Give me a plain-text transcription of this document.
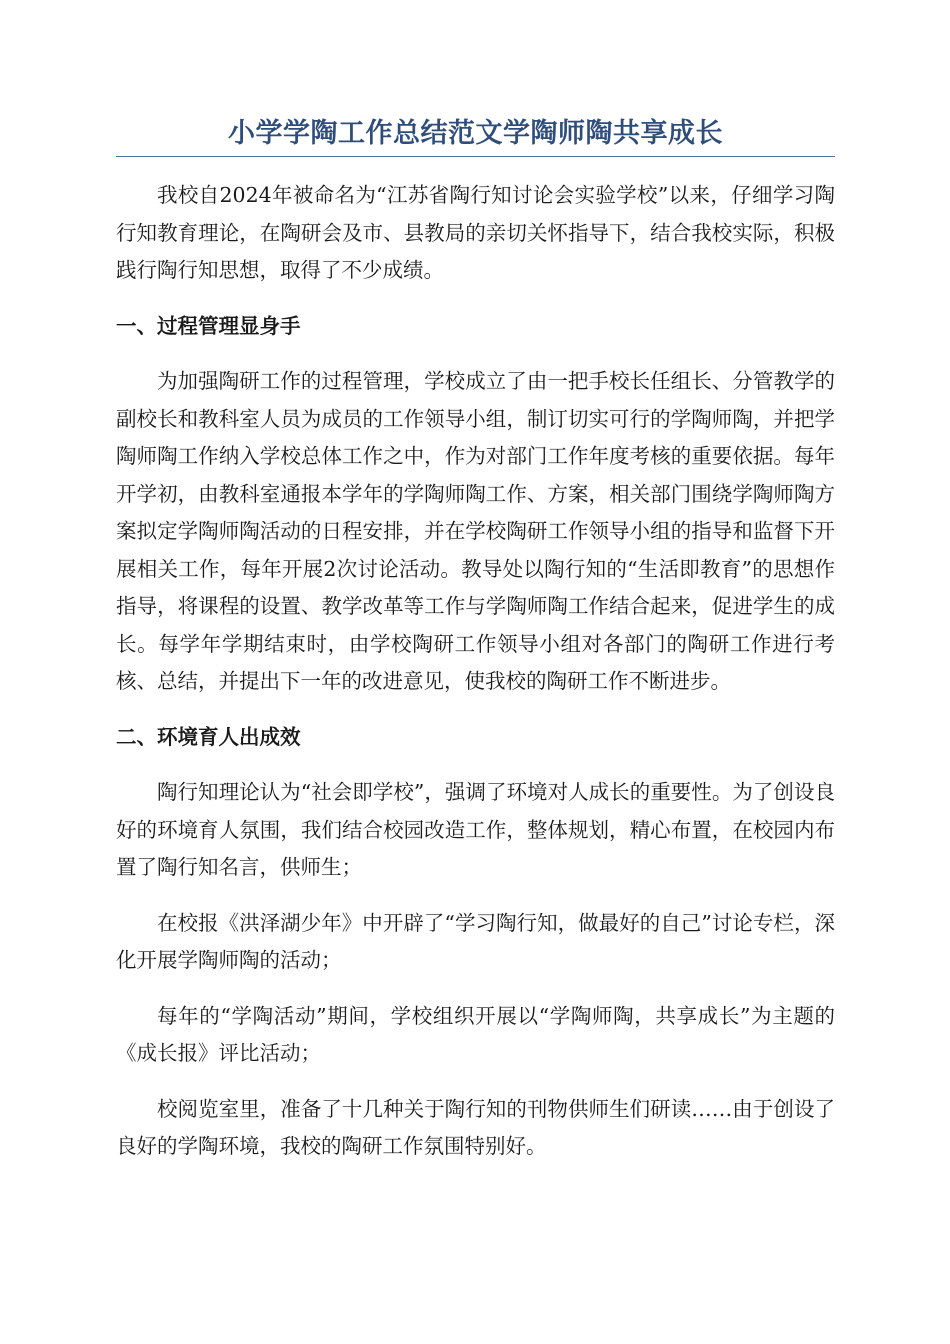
小学学陶工作总结范文学陶师陶共享成长

我校自2024年被命名为“江苏省陶行知讨论会实验学校”以来，仔细学习陶行知教育理论，在陶研会及市、县教局的亲切关怀指导下，结合我校实际，积极践行陶行知思想，取得了不少成绩。

一、过程管理显身手

为加强陶研工作的过程管理，学校成立了由一把手校长任组长、分管教学的副校长和教科室人员为成员的工作领导小组，制订切实可行的学陶师陶，并把学陶师陶工作纳入学校总体工作之中，作为对部门工作年度考核的重要依据。每年开学初，由教科室通报本学年的学陶师陶工作、方案，相关部门围绕学陶师陶方案拟定学陶师陶活动的日程安排，并在学校陶研工作领导小组的指导和监督下开展相关工作，每年开展2次讨论活动。教导处以陶行知的“生活即教育”的思想作指导，将课程的设置、教学改革等工作与学陶师陶工作结合起来，促进学生的成长。每学年学期结束时，由学校陶研工作领导小组对各部门的陶研工作进行考核、总结，并提出下一年的改进意见，使我校的陶研工作不断进步。

二、环境育人出成效

陶行知理论认为“社会即学校”，强调了环境对人成长的重要性。为了创设良好的环境育人氛围，我们结合校园改造工作，整体规划，精心布置，在校园内布置了陶行知名言，供师生；

在校报《洪泽湖少年》中开辟了“学习陶行知，做最好的自己”讨论专栏，深化开展学陶师陶的活动；

每年的“学陶活动”期间，学校组织开展以“学陶师陶，共享成长”为主题的《成长报》评比活动；

校阅览室里，准备了十几种关于陶行知的刊物供师生们研读……由于创设了良好的学陶环境，我校的陶研工作氛围特别好。
